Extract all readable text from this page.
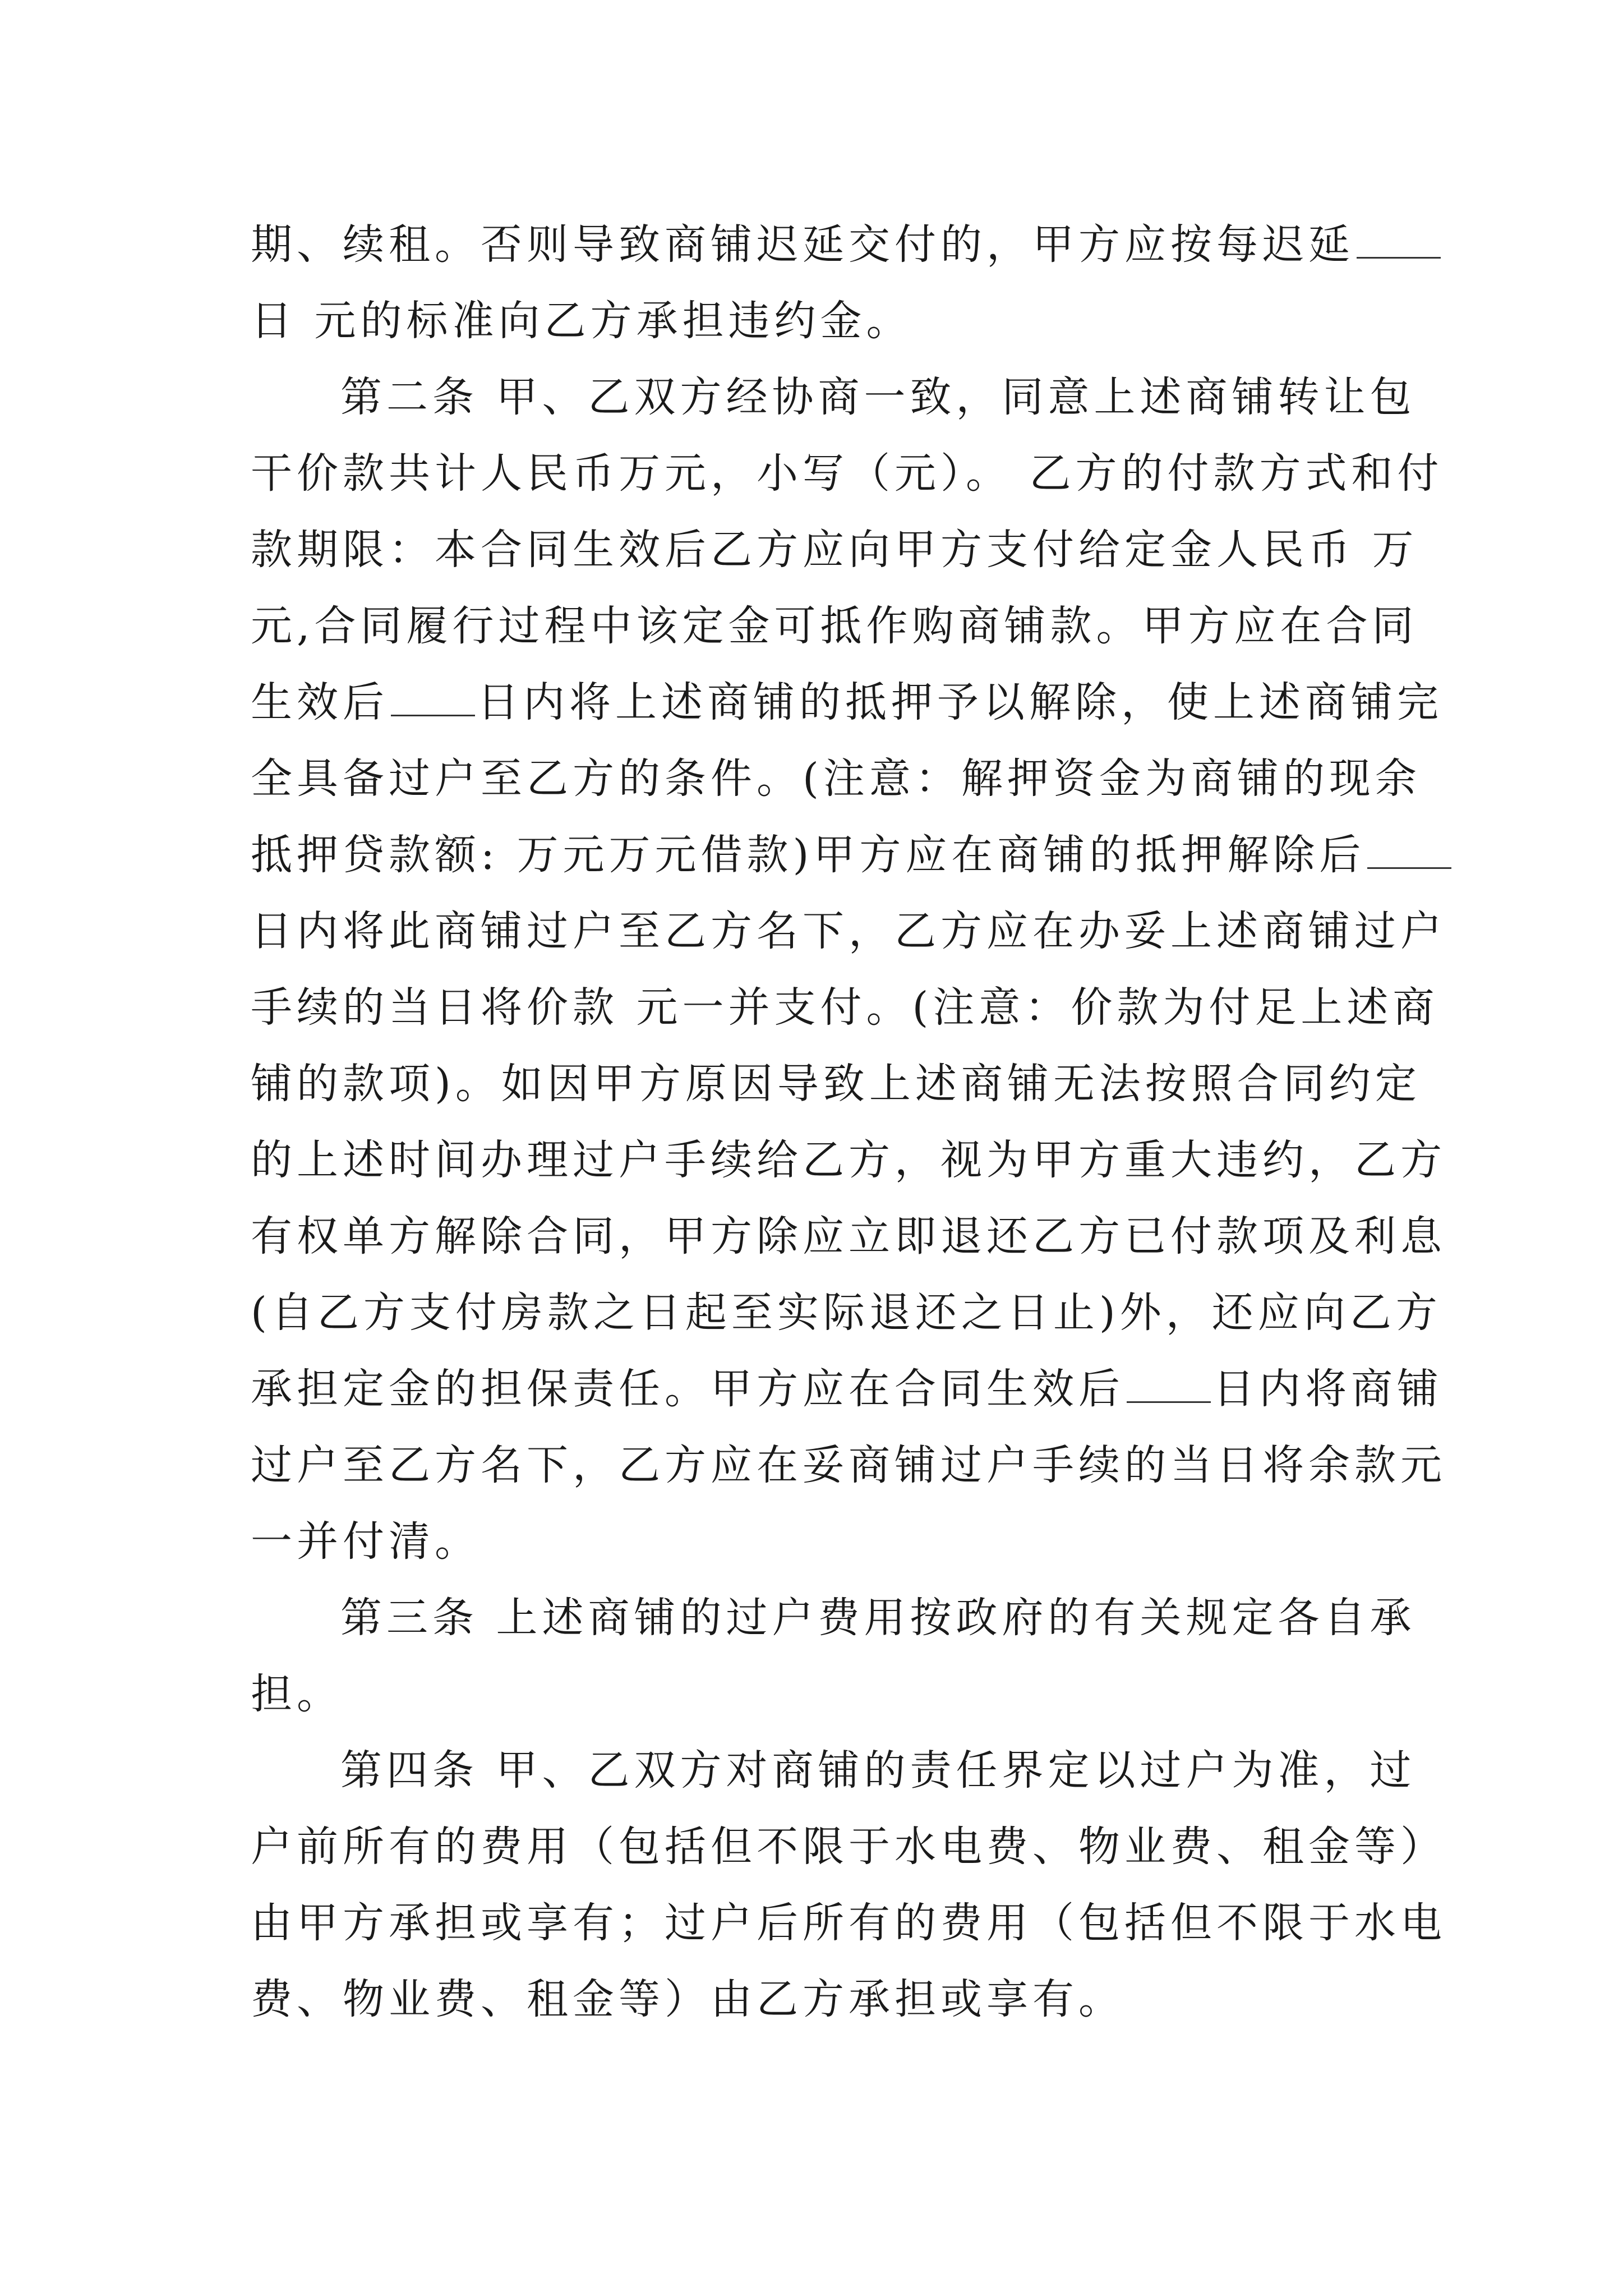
期、续租。否则导致商铺迟延交付的，甲方应按每迟延
日 元的标准向乙方承担违约金。
第二条 甲、乙双方经协商一致，同意上述商铺转让包
干价款共计人民币万元，小写（元）。 乙方的付款方式和付
款期限：本合同生效后乙方应向甲方支付给定金人民币 万
元,合同履行过程中该定金可抵作购商铺款。甲方应在合同
生效后 日内将上述商铺的抵押予以解除，使上述商铺完
全具备过户至乙方的条件。(注意：解押资金为商铺的现余
抵押贷款额: 万元万元借款)甲方应在商铺的抵押解除后
日内将此商铺过户至乙方名下，乙方应在办妥上述商铺过户
手续的当日将价款 元一并支付。(注意：价款为付足上述商
铺的款项)。如因甲方原因导致上述商铺无法按照合同约定
的上述时间办理过户手续给乙方，视为甲方重大违约，乙方
有权单方解除合同，甲方除应立即退还乙方已付款项及利息
(自乙方支付房款之日起至实际退还之日止)外，还应向乙方
承担定金的担保责任。甲方应在合同生效后 日内将商铺
过户至乙方名下，乙方应在妥商铺过户手续的当日将余款元
一并付清。
第三条 上述商铺的过户费用按政府的有关规定各自承
担。
第四条 甲、乙双方对商铺的责任界定以过户为准，过
户前所有的费用（包括但不限于水电费、物业费、租金等）
由甲方承担或享有；过户后所有的费用（包括但不限于水电
费、物业费、租金等）由乙方承担或享有。
